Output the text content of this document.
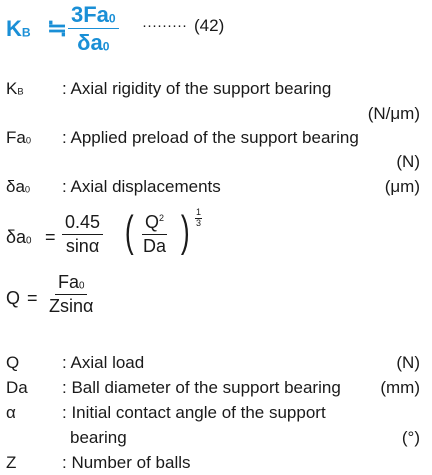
KB ≒ $\frac{3Fa0}{\delta a0}$ ········· (42)
KB : Axial rigidity of the support bearing
(N/μm)
Fa0 : Applied preload of the support bearing
(N)
δa0 : Axial displacements	(μm)
$\delta a0 = \frac{0.45}{\sin\alpha}$ ( $\frac{Q^2}{Da}$ ) $\frac{1}{3}$
$Q = \frac{Fa0}{Zsin\alpha}$
Q	: Axial load	(N)
Da : Ball diameter of the support bearing (mm)
α	: Initial contact angle of the support
bearing	(°)
Z	: Number of balls
